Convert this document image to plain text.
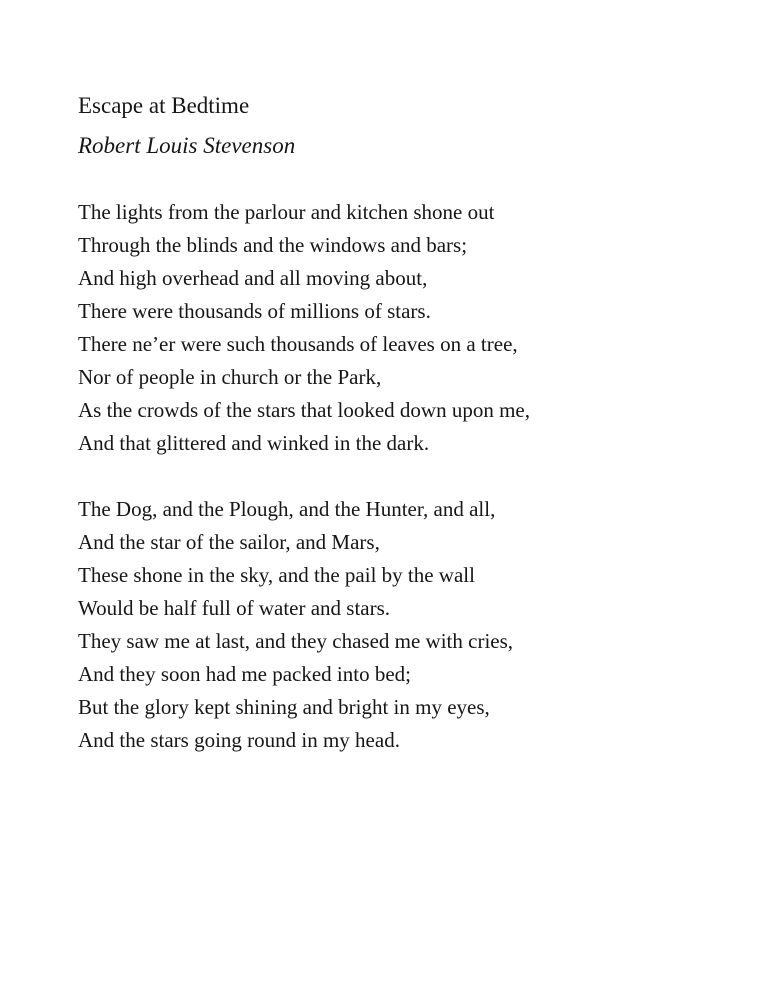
Escape at Bedtime
Robert Louis Stevenson
The lights from the parlour and kitchen shone out
Through the blinds and the windows and bars;
And high overhead and all moving about,
There were thousands of millions of stars.
There ne’er were such thousands of leaves on a tree,
Nor of people in church or the Park,
As the crowds of the stars that looked down upon me,
And that glittered and winked in the dark.
The Dog, and the Plough, and the Hunter, and all,
And the star of the sailor, and Mars,
These shone in the sky, and the pail by the wall
Would be half full of water and stars.
They saw me at last, and they chased me with cries,
And they soon had me packed into bed;
But the glory kept shining and bright in my eyes,
And the stars going round in my head.
